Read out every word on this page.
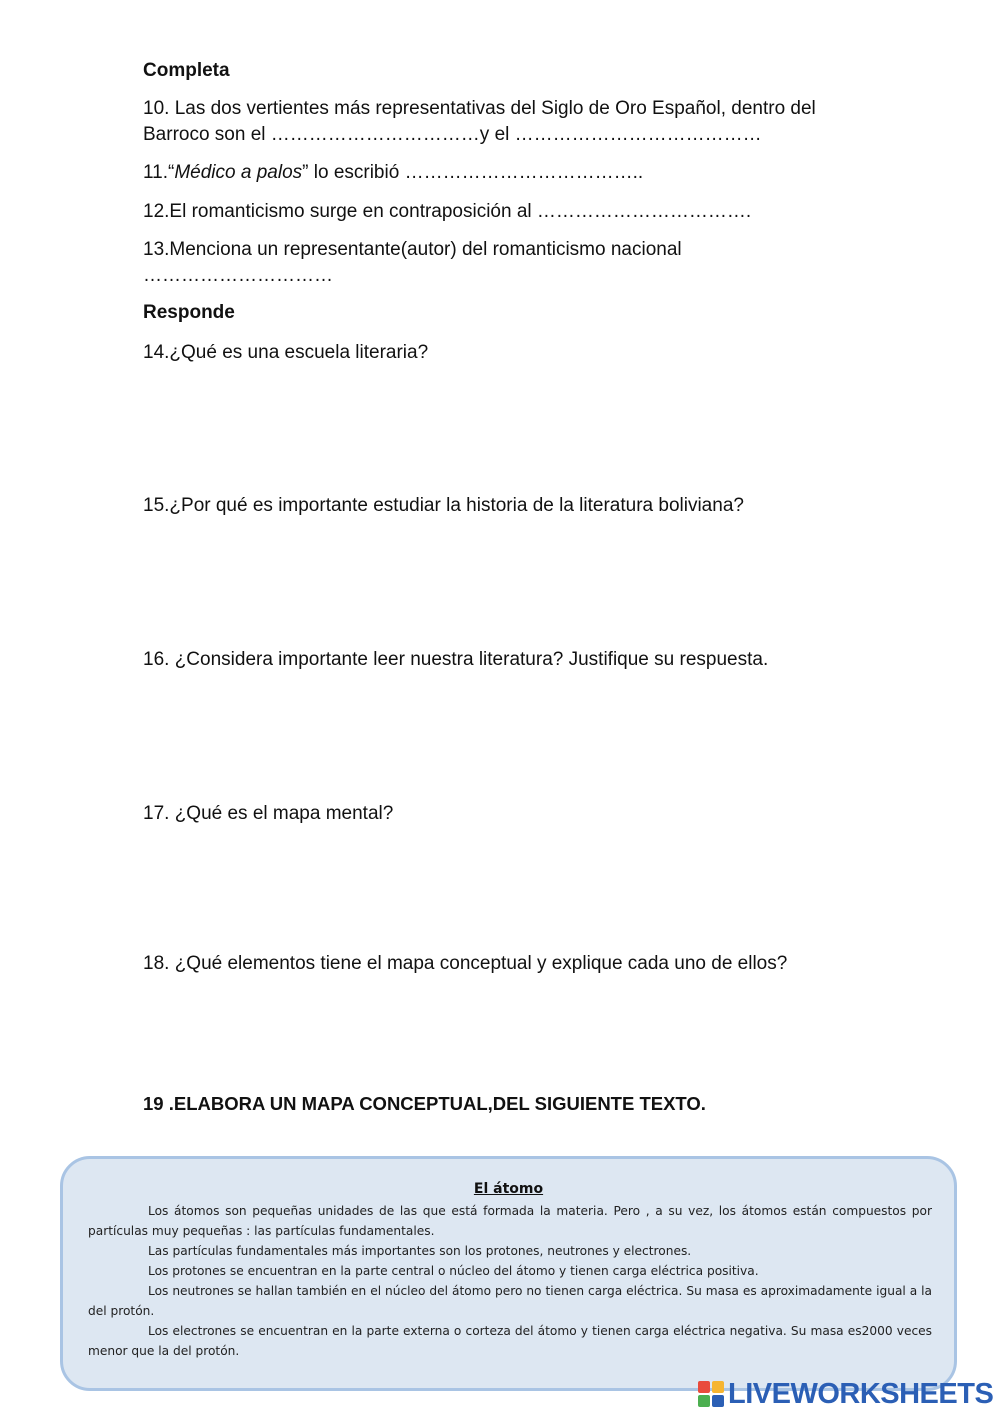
Completa
10. Las dos vertientes más representativas del Siglo de Oro Español, dentro del
Barroco son el ……………………………y el …………………………………
11.“Médico a palos” lo escribió ………………………………..
12.El romanticismo surge en contraposición al …………………………….
13.Menciona un representante(autor) del romanticismo nacional
…………………………
Responde
14.¿Qué es una escuela literaria?
15.¿Por qué es importante estudiar la historia de la literatura boliviana?
16. ¿Considera importante leer nuestra literatura? Justifique su respuesta.
17. ¿Qué es el mapa mental?
18. ¿Qué elementos tiene el mapa conceptual y explique cada uno de ellos?
19 .ELABORA UN MAPA CONCEPTUAL,DEL SIGUIENTE TEXTO.
El átomo

Los átomos son pequeñas unidades de las que está formada la materia. Pero , a su vez, los átomos están compuestos por partículas muy pequeñas : las partículas fundamentales.

Las partículas fundamentales más importantes son los protones, neutrones y electrones.

Los protones se encuentran en la parte central o núcleo del átomo y tienen carga eléctrica positiva.

Los neutrones se hallan también en el núcleo del átomo pero no tienen carga eléctrica. Su masa es aproximadamente igual a la del protón.

Los electrones se encuentran en la parte externa o corteza del átomo y tienen carga eléctrica negativa. Su masa es2000 veces menor que la del protón.

LIVEWORKSHEETS
